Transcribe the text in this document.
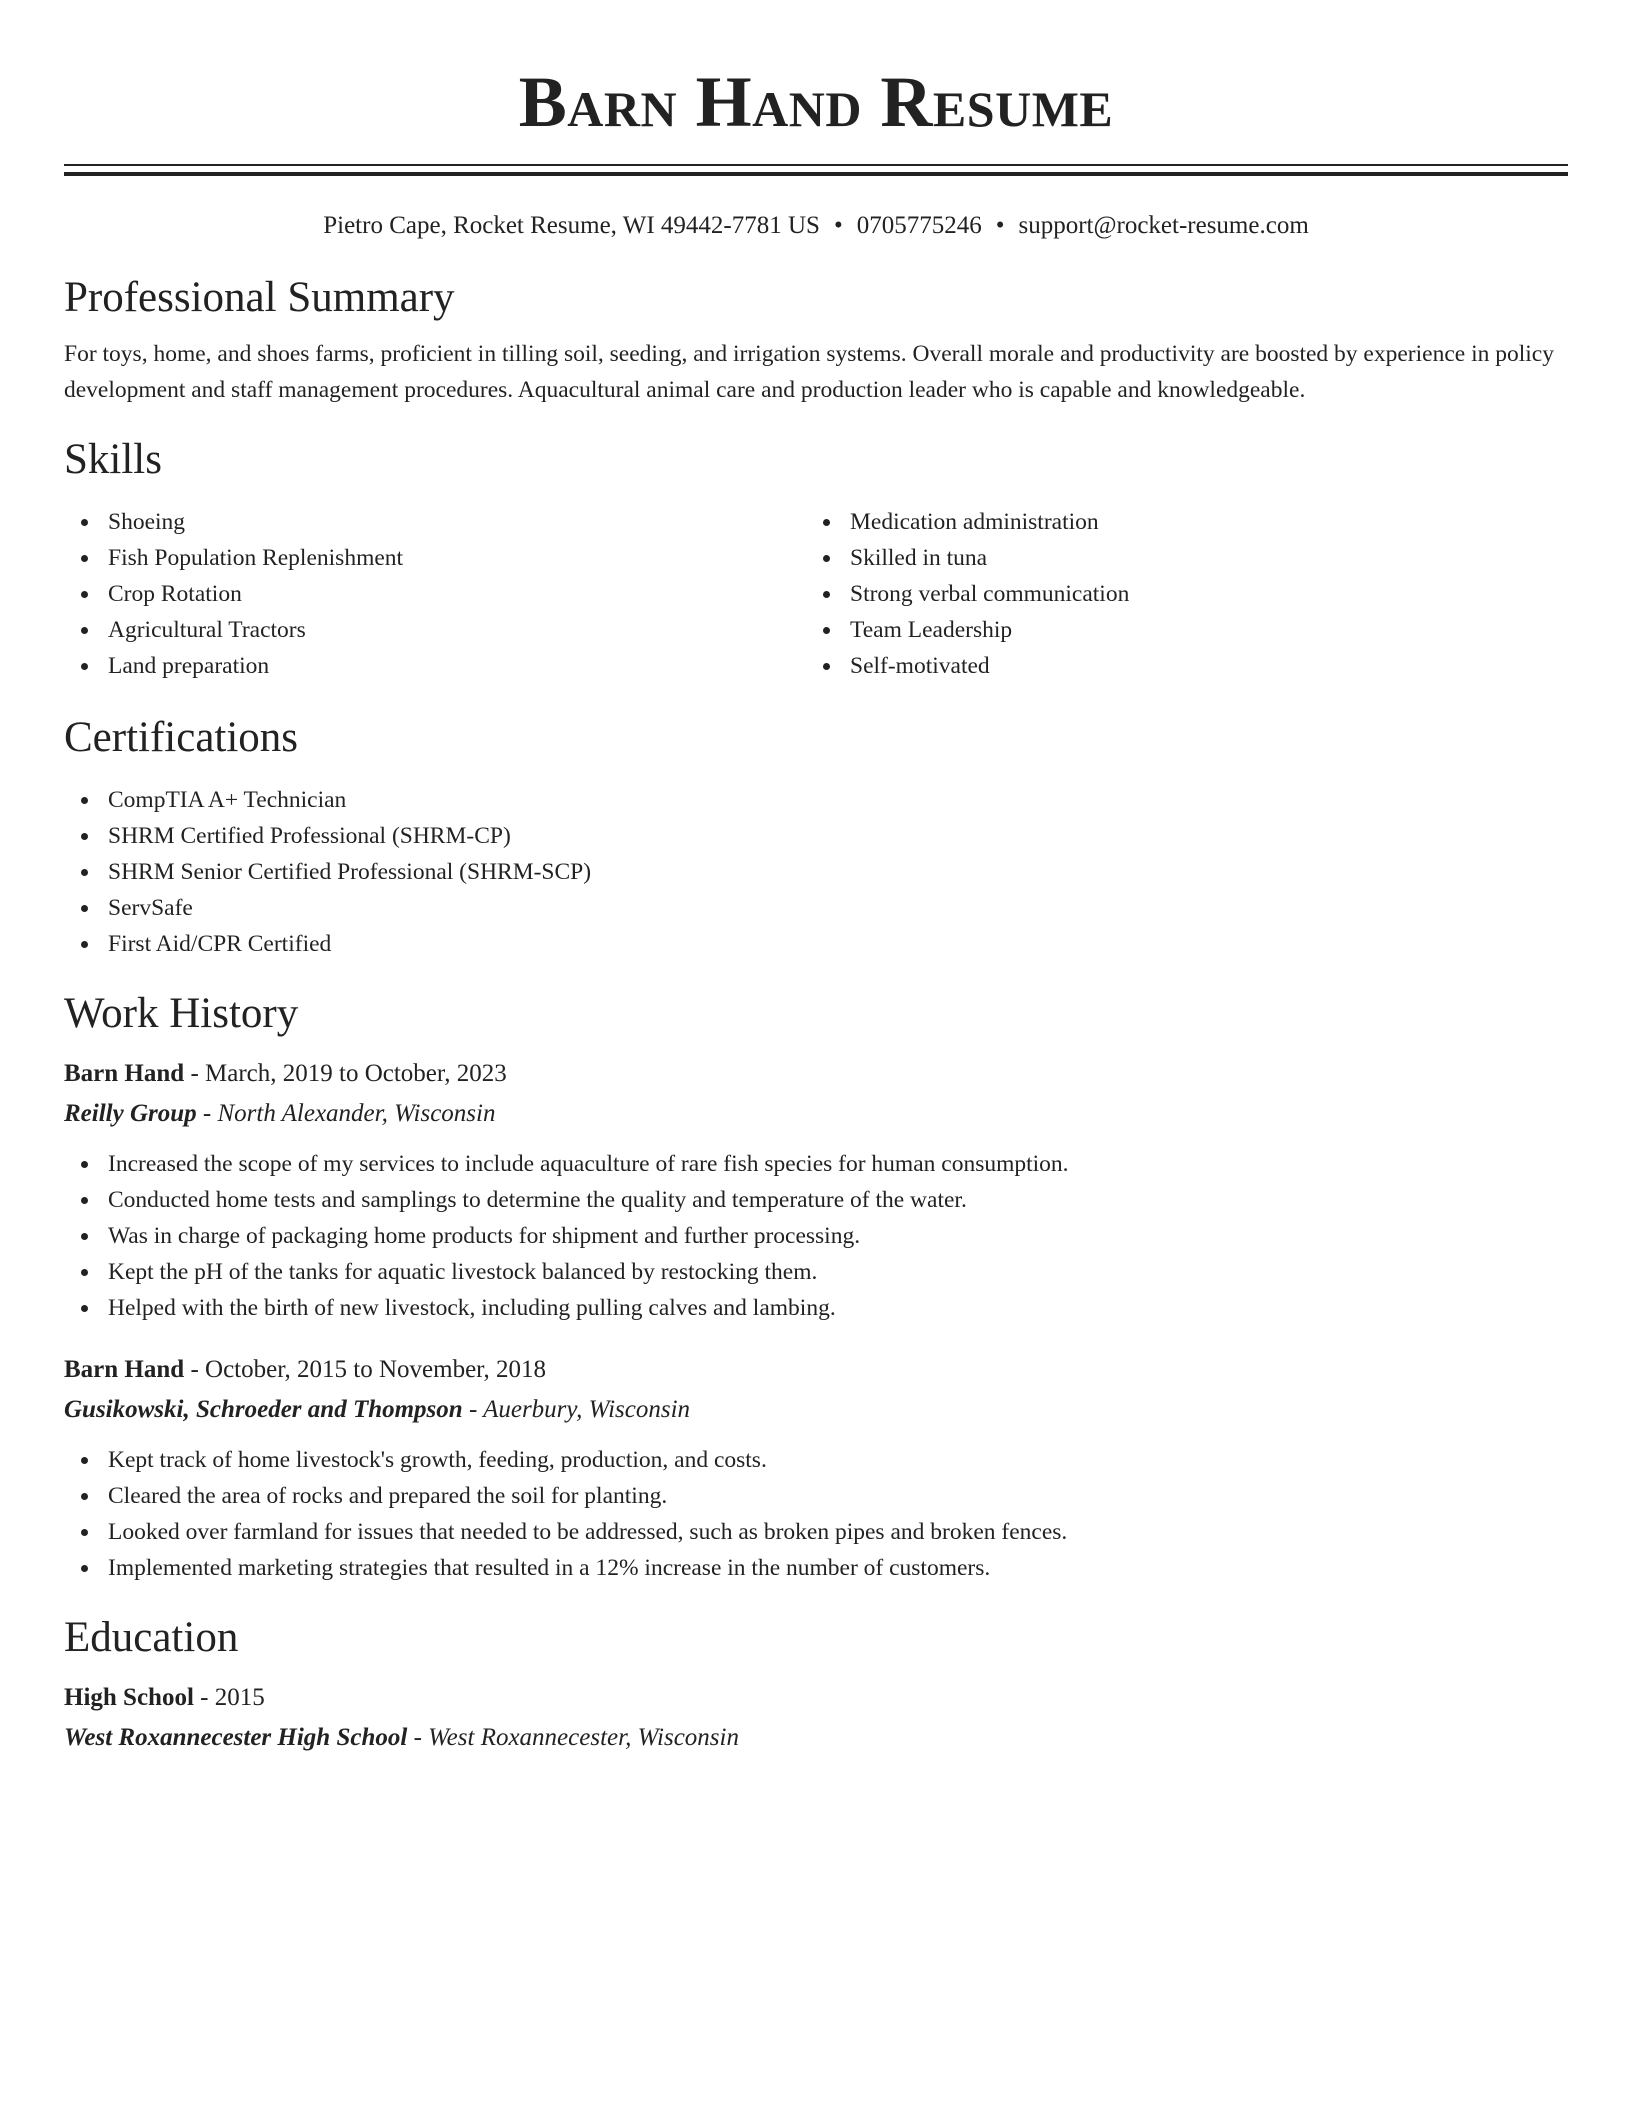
Barn Hand Resume
Pietro Cape, Rocket Resume, WI 49442-7781 US • 0705775246 • support@rocket-resume.com
Professional Summary
For toys, home, and shoes farms, proficient in tilling soil, seeding, and irrigation systems. Overall morale and productivity are boosted by experience in policy development and staff management procedures. Aquacultural animal care and production leader who is capable and knowledgeable.
Skills
Shoeing
Fish Population Replenishment
Crop Rotation
Agricultural Tractors
Land preparation
Medication administration
Skilled in tuna
Strong verbal communication
Team Leadership
Self-motivated
Certifications
CompTIA A+ Technician
SHRM Certified Professional (SHRM-CP)
SHRM Senior Certified Professional (SHRM-SCP)
ServSafe
First Aid/CPR Certified
Work History
Barn Hand - March, 2019 to October, 2023
Reilly Group - North Alexander, Wisconsin
Increased the scope of my services to include aquaculture of rare fish species for human consumption.
Conducted home tests and samplings to determine the quality and temperature of the water.
Was in charge of packaging home products for shipment and further processing.
Kept the pH of the tanks for aquatic livestock balanced by restocking them.
Helped with the birth of new livestock, including pulling calves and lambing.
Barn Hand - October, 2015 to November, 2018
Gusikowski, Schroeder and Thompson - Auerbury, Wisconsin
Kept track of home livestock's growth, feeding, production, and costs.
Cleared the area of rocks and prepared the soil for planting.
Looked over farmland for issues that needed to be addressed, such as broken pipes and broken fences.
Implemented marketing strategies that resulted in a 12% increase in the number of customers.
Education
High School - 2015
West Roxannecester High School - West Roxannecester, Wisconsin
